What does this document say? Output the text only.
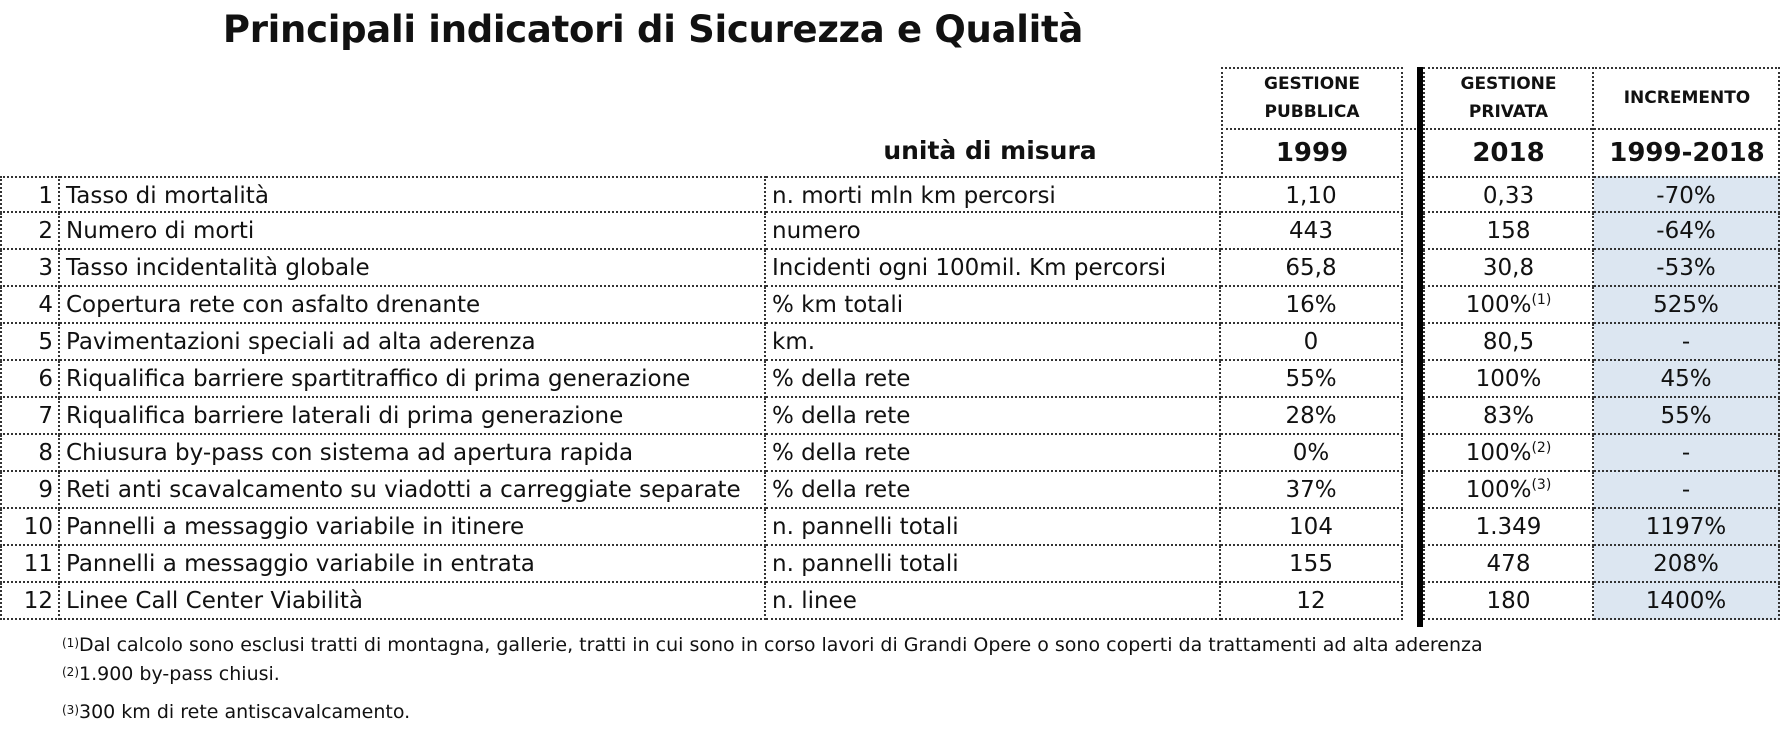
Principali indicatori di Sicurezza e Qualità
GESTIONE
PUBBLICA
GESTIONE
PRIVATA
INCREMENTO
1999	2018	1999-2018
unità di misura
1 Tasso di mortalità	n. morti mln km percorsi	1,10	0,33	-70%
2 Numero di morti	numero	443	158	-64%
3 Tasso incidentalità globale	Incidenti ogni 100mil. Km percorsi	65,8	30,8	-53%
4 Copertura rete con asfalto drenante	% km totali	16%	100%$^{(1)}$	525%
5 Pavimentazioni speciali ad alta aderenza	km.	0	80,5	-
6 Riqualifica barriere spartitraffico di prima generazione	% della rete	55%	100%	45%
7 Riqualifica barriere laterali di prima generazione	% della rete	28%	83%	55%
8 Chiusura by-pass con sistema ad apertura rapida	% della rete	0%	100%$^{(2)}$	-
9 Reti anti scavalcamento su viadotti a carreggiate separate	% della rete	37%	100%$^{(3)}$	-
10 Pannelli a messaggio variabile in itinere	n. pannelli totali	104	1.349	1197%
11 Pannelli a messaggio variabile in entrata	n. pannelli totali	155	478	208%
12 Linee Call Center Viabilità	n. linee	12	180	1400%
$^{(1)}$Dal calcolo sono esclusi tratti di montagna, gallerie, tratti in cui sono in corso lavori di Grandi Opere o sono coperti da trattamenti ad alta aderenza
$^{(2)}$1.900 by-pass chiusi.
$^{(3)}$300 km di rete antiscavalcamento.
